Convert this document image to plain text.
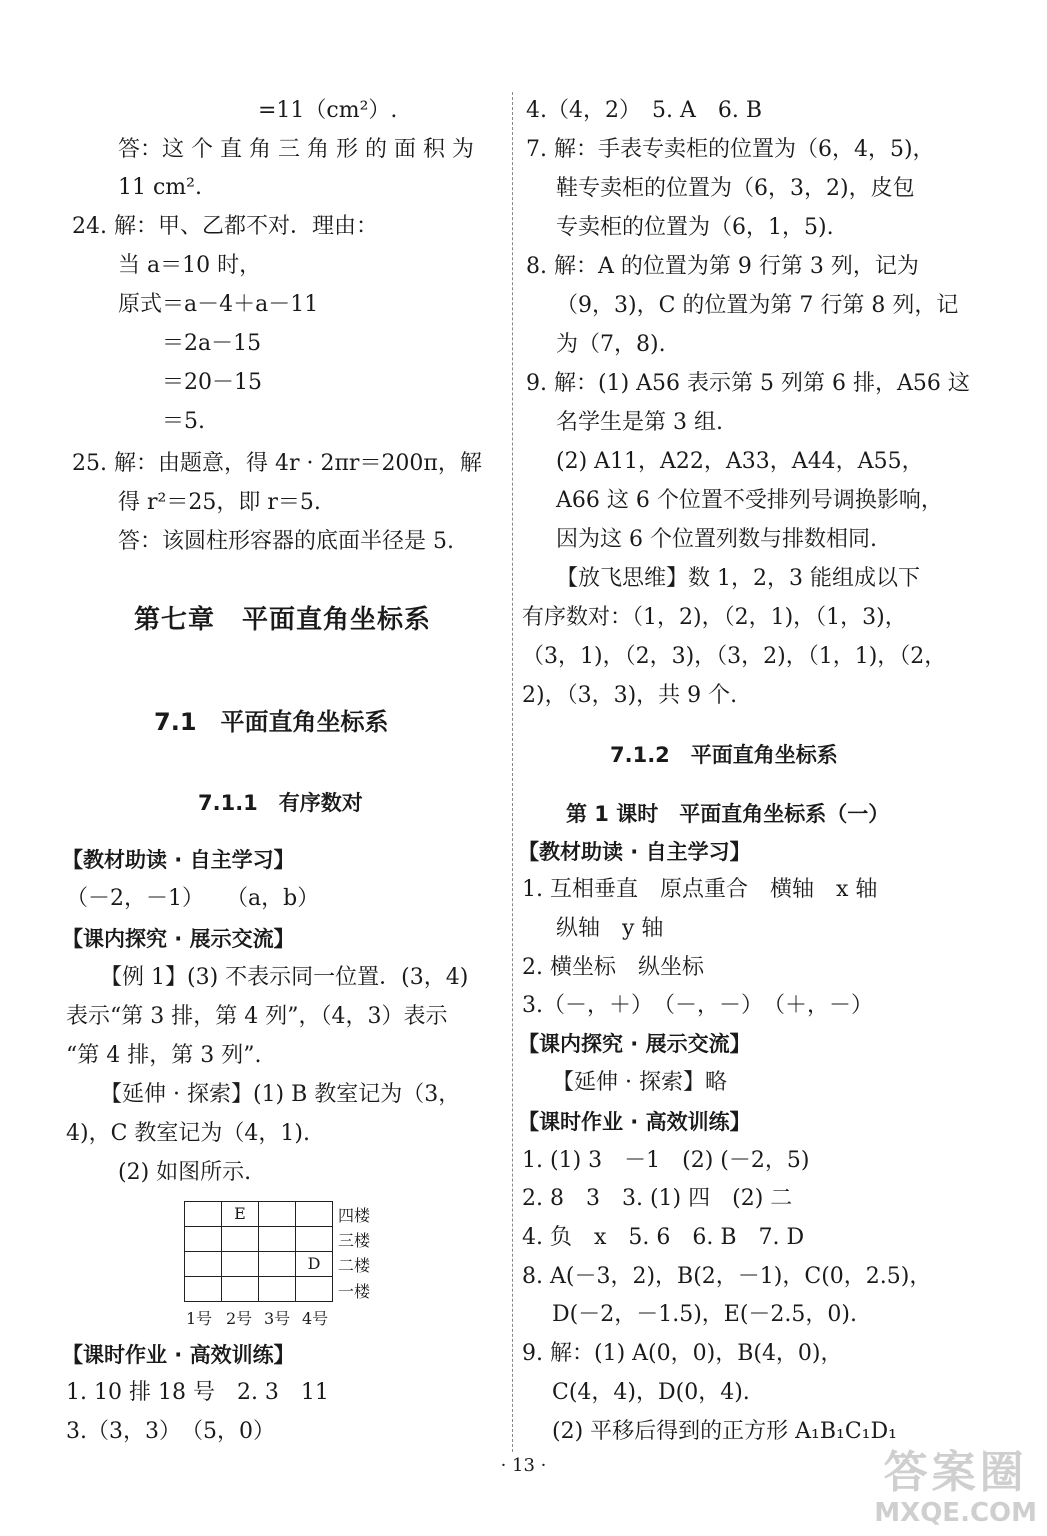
=11（cm²）.
答：这 个 直 角 三 角 形 的 面 积 为
11 cm².
24. 解：甲、乙都不对．理由：
当 a＝10 时，
原式＝a－4＋a－11
＝2a－15
＝20－15
＝5.
25. 解：由题意，得 4r · 2πr＝200π，解
得 r²＝25，即 r＝5.
答：该圆柱形容器的底面半径是 5.
第七章　平面直角坐标系
7.1　平面直角坐标系
7.1.1　有序数对
【教材助读 · 自主学习】
（－2，－1）　　（a，b）
【课内探究 · 展示交流】
【例 1】(3) 不表示同一位置．(3，4)
表示“第 3 排，第 4 列”，（4，3）表示
“第 4 排，第 3 列”.
【延伸 · 探索】(1) B 教室记为（3，
4)，C 教室记为（4，1).
(2) 如图所示.
	E		

			D

四楼
三楼
二楼
一楼
1号 2号 3号 4号
【课时作业 · 高效训练】
1. 10 排 18 号　2. 3　11
3.（3，3）　（5，0）
4.（4，2）　5. A　6. B
7. 解：手表专卖柜的位置为（6，4，5)，
鞋专卖柜的位置为（6，3，2)，皮包
专卖柜的位置为（6，1，5).
8. 解：A 的位置为第 9 行第 3 列，记为
（9，3)，C 的位置为第 7 行第 8 列，记
为（7，8).
9. 解：(1) A56 表示第 5 列第 6 排，A56 这
名学生是第 3 组.
(2) A11，A22，A33，A44，A55，
A66 这 6 个位置不受排列号调换影响，
因为这 6 个位置列数与排数相同.
【放飞思维】数 1，2，3 能组成以下
有序数对：（1，2)，（2，1)，（1，3)，
（3，1)，（2，3)，（3，2)，（1，1)，（2，
2)，（3，3)，共 9 个.
7.1.2　平面直角坐标系
第 1 课时　平面直角坐标系（一）
【教材助读 · 自主学习】
1. 互相垂直　原点重合　横轴　x 轴
纵轴　y 轴
2. 横坐标　纵坐标
3.（－，＋）　（－，－）　（＋，－）
【课内探究 · 展示交流】
【延伸 · 探索】略
【课时作业 · 高效训练】
1. (1) 3　－1　(2) (－2，5)
2. 8　3　3. (1) 四　(2) 二
4. 负　x　5. 6　6. B　7. D
8. A(－3，2)，B(2，－1)，C(0，2.5)，
D(－2，－1.5)，E(－2.5，0).
9. 解：(1) A(0，0)，B(4，0)，
C(4，4)，D(0，4).
(2) 平移后得到的正方形 A₁B₁C₁D₁
· 13 ·	答案圈
MXQE.COM
